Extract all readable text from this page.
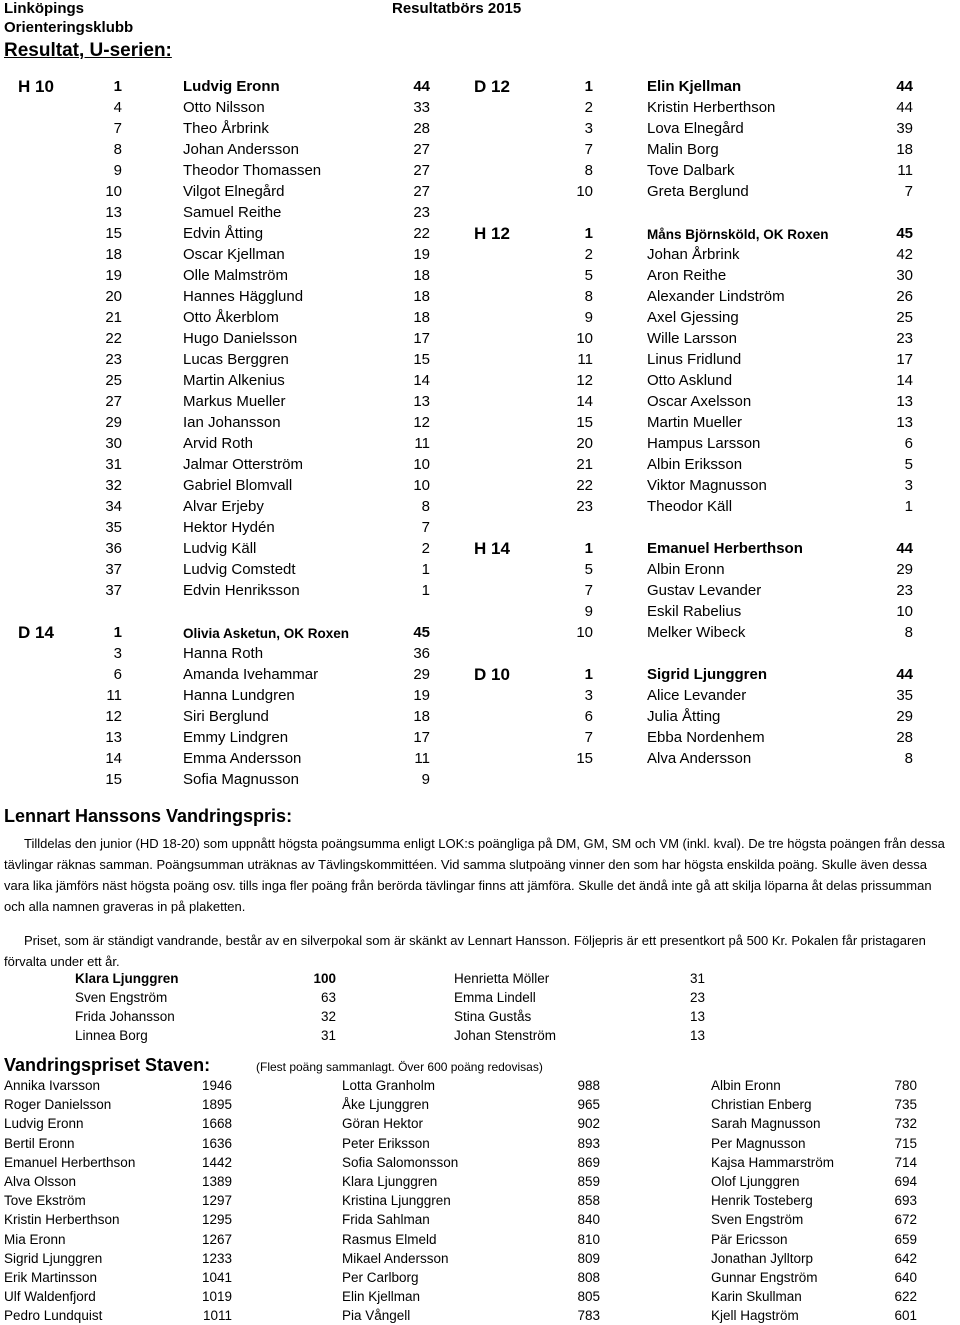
Linköpings
Orienteringsklubb
Resultatbörs 2015
Resultat, U-serien:
H 10	1	Ludvig Eronn	44
4	Otto Nilsson	33
7	Theo Årbrink	28
8	Johan Andersson	27
9	Theodor Thomassen	27
10	Vilgot Elnegård	27
13	Samuel Reithe	23
15	Edvin Åtting	22
18	Oscar Kjellman	19
19	Olle Malmström	18
20	Hannes Hägglund	18
21	Otto Åkerblom	18
22	Hugo Danielsson	17
23	Lucas Berggren	15
25	Martin Alkenius	14
27	Markus Mueller	13
29	Ian Johansson	12
30	Arvid Roth	11
31	Jalmar Otterström	10
32	Gabriel Blomvall	10
34	Alvar Erjeby	8
35	Hektor Hydén	7
36	Ludvig Käll	2
37	Ludvig Comstedt	1
37	Edvin Henriksson	1
D 14	1	Olivia Asketun, OK Roxen	45
3	Hanna Roth	36
6	Amanda Ivehammar	29
11	Hanna Lundgren	19
12	Siri Berglund	18
13	Emmy Lindgren	17
14	Emma Andersson	11
15	Sofia Magnusson	9
D 12	1	Elin Kjellman	44
2	Kristin Herberthson	44
3	Lova Elnegård	39
7	Malin Borg	18
8	Tove Dalbark	11
10	Greta Berglund	7
H 12	1	Måns Björnsköld, OK Roxen	45
2	Johan Årbrink	42
5	Aron Reithe	30
8	Alexander Lindström	26
9	Axel Gjessing	25
10	Wille Larsson	23
11	Linus Fridlund	17
12	Otto Asklund	14
14	Oscar Axelsson	13
15	Martin Mueller	13
20	Hampus Larsson	6
21	Albin Eriksson	5
22	Viktor Magnusson	3
23	Theodor Käll	1
H 14	1	Emanuel Herberthson	44
5	Albin Eronn	29
7	Gustav Levander	23
9	Eskil Rabelius	10
10	Melker Wibeck	8
D 10	1	Sigrid Ljunggren	44
3	Alice Levander	35
6	Julia Åtting	29
7	Ebba Nordenhem	28
15	Alva Andersson	8
Lennart Hanssons Vandringspris:
Tilldelas den junior (HD 18-20) som uppnått högsta poängsumma enligt LOK:s poängliga på DM, GM, SM och VM (inkl. kval). De tre högsta poängen från dessa tävlingar räknas samman. Poängsumman uträknas av Tävlingskommittéen. Vid samma slutpoäng vinner den som har högsta enskilda poäng. Skulle även dessa vara lika jämförs näst högsta poäng osv. tills inga fler poäng från berörda tävlingar finns att jämföra. Skulle det ändå inte gå att skilja löparna åt delas prissumman och alla namnen graveras in på plaketten.
Priset, som är ständigt vandrande, består av en silverpokal som är skänkt av Lennart Hansson. Följepris är ett presentkort på 500 Kr. Pokalen får pristagaren förvalta under ett år.
Klara Ljunggren	100	Henrietta Möller	31
Sven Engström	63	Emma Lindell	23
Frida Johansson	32	Stina Gustås	13
Linnea Borg	31	Johan Stenström	13
Vandringspriset Staven:	(Flest poäng sammanlagt. Över 600 poäng redovisas)
Annika Ivarsson	1946
Roger Danielsson	1895
Ludvig Eronn	1668
Bertil Eronn	1636
Emanuel Herberthson	1442
Alva Olsson	1389
Tove Ekström	1297
Kristin Herberthson	1295
Mia Eronn	1267
Sigrid Ljunggren	1233
Erik Martinsson	1041
Ulf Waldenfjord	1019
Pedro Lundquist	1011
Lotta Granholm	988
Åke Ljunggren	965
Göran Hektor	902
Peter Eriksson	893
Sofia Salomonsson	869
Klara Ljunggren	859
Kristina Ljunggren	858
Frida Sahlman	840
Rasmus Elmeld	810
Mikael Andersson	809
Per Carlborg	808
Elin Kjellman	805
Pia Vångell	783
Albin Eronn	780
Christian Enberg	735
Sarah Magnusson	732
Per Magnusson	715
Kajsa Hammarström	714
Olof Ljunggren	694
Henrik Tosteberg	693
Sven Engström	672
Pär Ericsson	659
Jonathan Jylltorp	642
Gunnar Engström	640
Karin Skullman	622
Kjell Hagström	601
